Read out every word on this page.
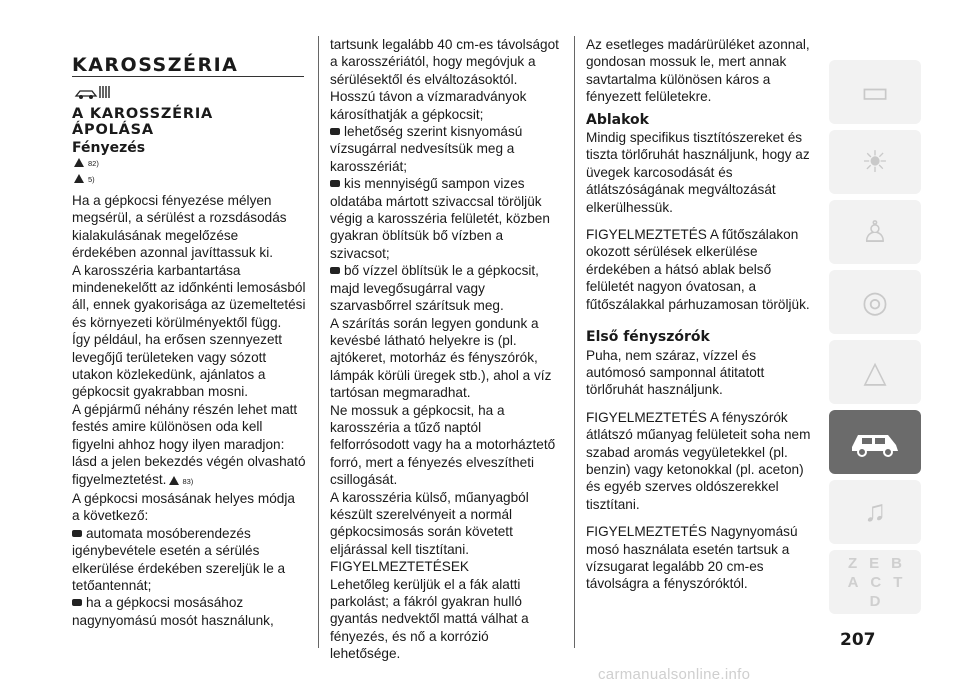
KAROSSZÉRIA
A KAROSSZÉRIA
ÁPOLÁSA
Fényezés
82)
5)

Ha a gépkocsi fényezése mélyen megsérül, a sérülést a rozsdásodás kialakulásának megelőzése érdekében azonnal javíttassuk ki.

A karosszéria karbantartása mindenekelőtt az időnkénti lemosásból áll, ennek gyakorisága az üzemeltetési és környezeti körülményektől függ.

Így például, ha erősen szennyezett levegőjű területeken vagy sózott utakon közlekedünk, ajánlatos a gépkocsit gyakrabban mosni.

A gépjármű néhány részén lehet matt festés amire különösen oda kell figyelni ahhoz hogy ilyen maradjon: lásd a jelen bekezdés végén olvasható figyelmeztetést. 83)

A gépkocsi mosásának helyes módja a következő:

automata mosóberendezés igénybevétele esetén a sérülés elkerülése érdekében szereljük le a tetőantennát;

ha a gépkocsi mosásához nagynyomású mosót használunk,

tartsunk legalább 40 cm-es távolságot a karosszériától, hogy megóvjuk a sérülésektől és elváltozásoktól. Hosszú távon a vízmaradványok károsíthatják a gépkocsit;

lehetőség szerint kisnyomású vízsugárral nedvesítsük meg a karosszériát;

kis mennyiségű sampon vizes oldatába mártott szivaccsal töröljük végig a karosszéria felületét, közben gyakran öblítsük bő vízben a szivacsot;

bő vízzel öblítsük le a gépkocsit, majd levegősugárral vagy szarvasbőrrel szárítsuk meg.

A szárítás során legyen gondunk a kevésbé látható helyekre is (pl. ajtókeret, motorház és fényszórók, lámpák körüli üregek stb.), ahol a víz tartósan megmaradhat.

Ne mossuk a gépkocsit, ha a karosszéria a tűző naptól felforrósodott vagy ha a motorháztető forró, mert a fényezés elveszítheti csillogását.

A karosszéria külső, műanyagból készült szerelvényeit a normál gépkocsimosás során követett eljárással kell tisztítani.

FIGYELMEZTETÉSEK

Lehetőleg kerüljük el a fák alatti parkolást; a fákról gyakran hulló gyantás nedvektől mattá válhat a fényezés, és nő a korrózió lehetősége.

Az esetleges madárürüléket azonnal, gondosan mossuk le, mert annak savtartalma különösen káros a fényezett felületekre.

Ablakok

Mindig specifikus tisztítószereket és tiszta törlőruhát használjunk, hogy az üvegek karcosodását és átlátszóságának megváltozását elkerülhessük.

FIGYELMEZTETÉS A fűtőszálakon okozott sérülések elkerülése érdekében a hátsó ablak belső felületét nagyon óvatosan, a fűtőszálakkal párhuzamosan töröljük.

Első fényszórók

Puha, nem száraz, vízzel és autómosó samponnal átitatott törlőruhát használjunk.

FIGYELMEZTETÉS A fényszórók átlátszó műanyag felületeit soha nem szabad aromás vegyületekkel (pl. benzin) vagy ketonokkal (pl. aceton) és egyéb szerves oldószerekkel tisztítani.

FIGYELMEZTETÉS Nagynyomású mosó használata esetén tartsuk a vízsugarat legalább 20 cm-es távolságra a fényszóróktól.

▭
☀
♙
◎
△
♫
Z E B
A C T
D
207
carmanualsonline.info
